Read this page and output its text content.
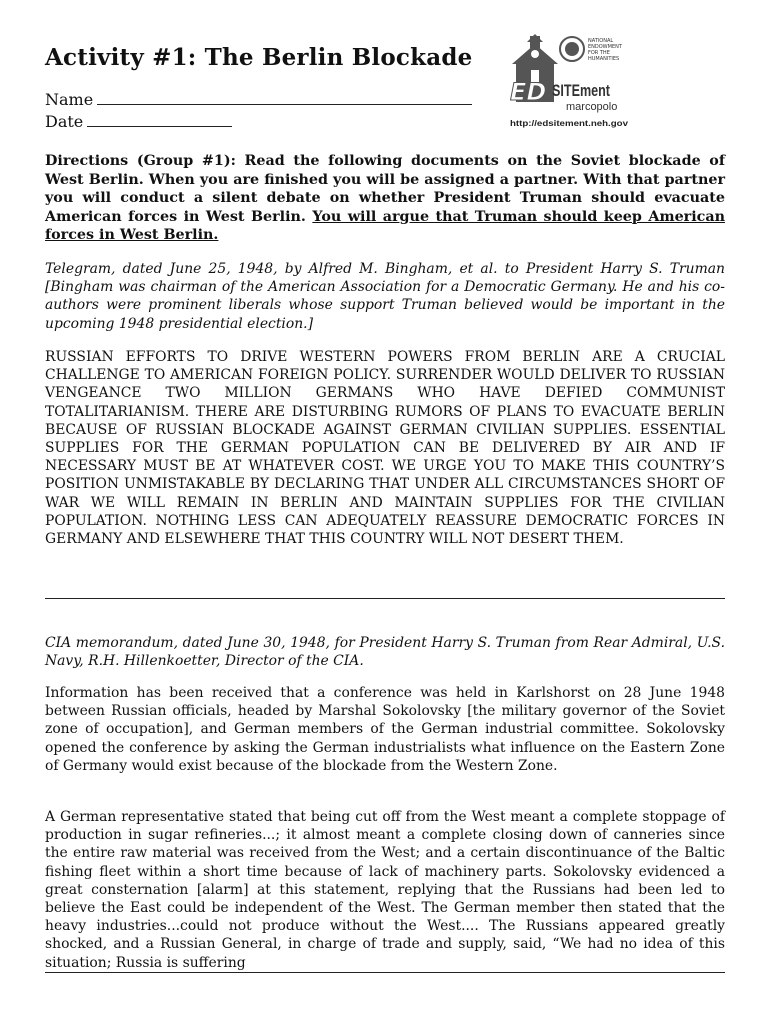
Activity #1: The Berlin Blockade
Name
Date
ED SITEment
marcopolo
http://edsitement.neh.gov
NATIONAL
ENDOWMENT
FOR THE
HUMANITIES
Directions (Group #1): Read the following documents on the Soviet blockade of West Berlin. When you are finished you will be assigned a partner. With that partner you will conduct a silent debate on whether President Truman should evacuate American forces in West Berlin. You will argue that Truman should keep American forces in West Berlin.
Telegram, dated June 25, 1948, by Alfred M. Bingham, et al. to President Harry S. Truman [Bingham was chairman of the American Association for a Democratic Germany. He and his co-authors were prominent liberals whose support Truman believed would be important in the upcoming 1948 presidential election.]
RUSSIAN EFFORTS TO DRIVE WESTERN POWERS FROM BERLIN ARE A CRUCIAL CHALLENGE TO AMERICAN FOREIGN POLICY. SURRENDER WOULD DELIVER TO RUSSIAN VENGEANCE TWO MILLION GERMANS WHO HAVE DEFIED COMMUNIST TOTALITARIANISM. THERE ARE DISTURBING RUMORS OF PLANS TO EVACUATE BERLIN BECAUSE OF RUSSIAN BLOCKADE AGAINST GERMAN CIVILIAN SUPPLIES. ESSENTIAL SUPPLIES FOR THE GERMAN POPULATION CAN BE DELIVERED BY AIR AND IF NECESSARY MUST BE AT WHATEVER COST. WE URGE YOU TO MAKE THIS COUNTRY’S POSITION UNMISTAKABLE BY DECLARING THAT UNDER ALL CIRCUMSTANCES SHORT OF WAR WE WILL REMAIN IN BERLIN AND MAINTAIN SUPPLIES FOR THE CIVILIAN POPULATION. NOTHING LESS CAN ADEQUATELY REASSURE DEMOCRATIC FORCES IN GERMANY AND ELSEWHERE THAT THIS COUNTRY WILL NOT DESERT THEM.
CIA memorandum, dated June 30, 1948, for President Harry S. Truman from Rear Admiral, U.S. Navy, R.H. Hillenkoetter, Director of the CIA.
Information has been received that a conference was held in Karlshorst on 28 June 1948 between Russian officials, headed by Marshal Sokolovsky [the military governor of the Soviet zone of occupation], and German members of the German industrial committee. Sokolovsky opened the conference by asking the German industrialists what influence on the Eastern Zone of Germany would exist because of the blockade from the Western Zone.
A German representative stated that being cut off from the West meant a complete stoppage of production in sugar refineries...; it almost meant a complete closing down of canneries since the entire raw material was received from the West; and a certain discontinuance of the Baltic fishing fleet within a short time because of lack of machinery parts. Sokolovsky evidenced a great consternation [alarm] at this statement, replying that the Russians had been led to believe the East could be independent of the West. The German member then stated that the heavy industries...could not produce without the West.... The Russians appeared greatly shocked, and a Russian General, in charge of trade and supply, said, “We had no idea of this situation; Russia is suffering
